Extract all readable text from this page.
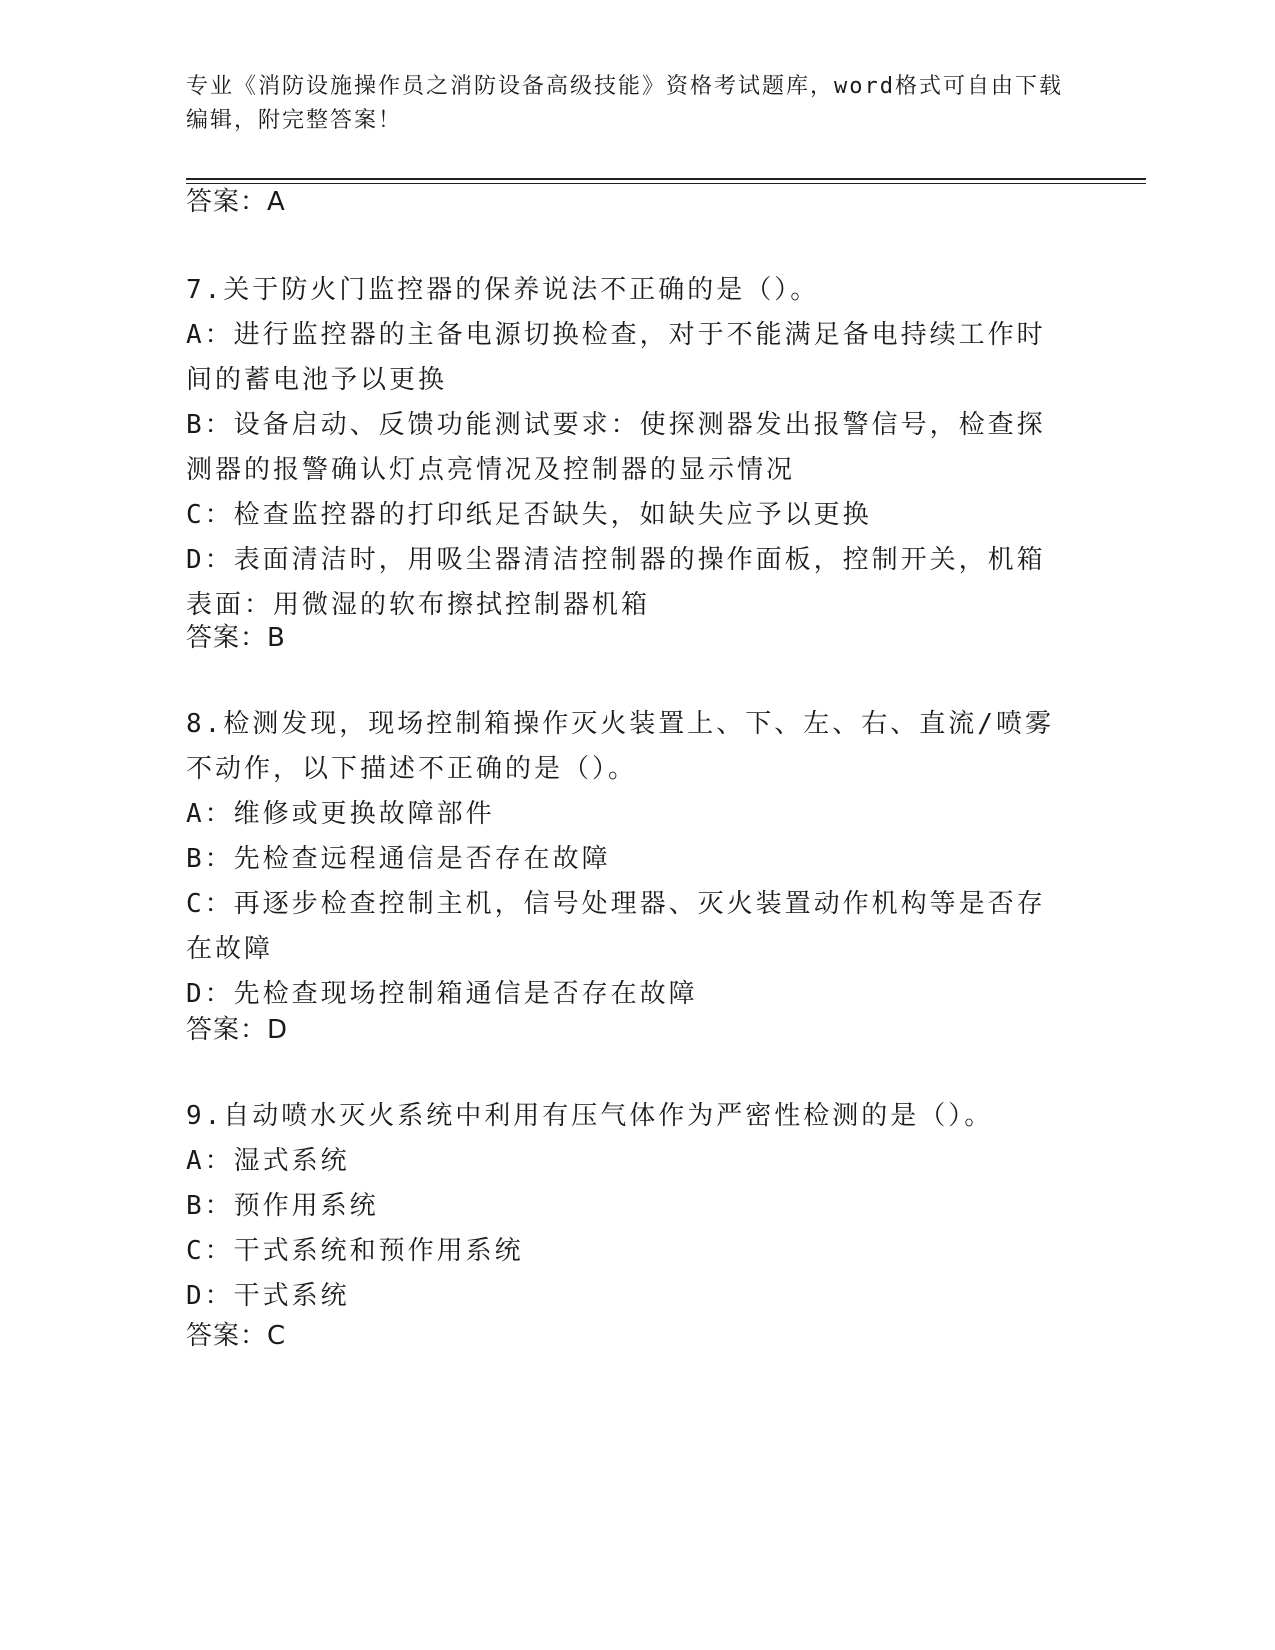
专业《消防设施操作员之消防设备高级技能》资格考试题库，word格式可自由下载编辑，附完整答案！
答案：A
7.关于防火门监控器的保养说法不正确的是（）。
A：进行监控器的主备电源切换检查，对于不能满足备电持续工作时间的蓄电池予以更换
B：设备启动、反馈功能测试要求：使探测器发出报警信号，检查探测器的报警确认灯点亮情况及控制器的显示情况
C：检查监控器的打印纸足否缺失，如缺失应予以更换
D：表面清洁时，用吸尘器清洁控制器的操作面板，控制开关，机箱表面：用微湿的软布擦拭控制器机箱
答案：B
8.检测发现，现场控制箱操作灭火装置上、下、左、右、直流/喷雾不动作，以下描述不正确的是（）。
A：维修或更换故障部件
B：先检查远程通信是否存在故障
C：再逐步检查控制主机，信号处理器、灭火装置动作机构等是否存在故障
D：先检查现场控制箱通信是否存在故障
答案：D
9.自动喷水灭火系统中利用有压气体作为严密性检测的是（）。
A：湿式系统
B：预作用系统
C：干式系统和预作用系统
D：干式系统
答案：C
